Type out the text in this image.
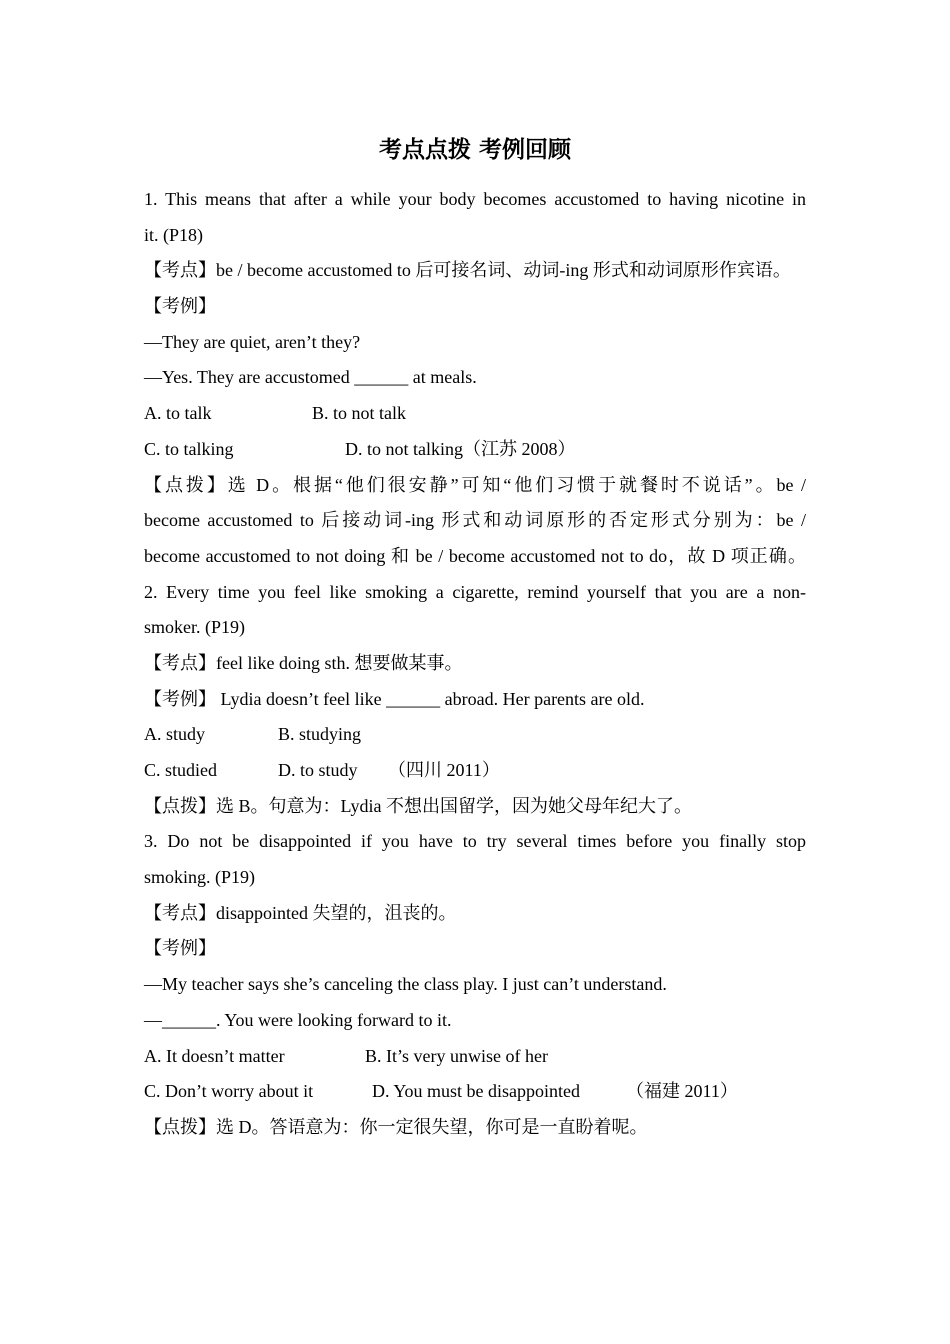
考点点拨 考例回顾
1. This means that after a while your body becomes accustomed to having nicotine in
it. (P18)
【考点】be / become accustomed to 后可接名词、动词-ing 形式和动词原形作宾语。
【考例】
—They are quiet, aren’t they?
—Yes. They are accustomed ______ at meals.
A. to talk	B. to not talk
C. to talking	D. to not talking（江苏 2008）
【点拨】选 D。根据“他们很安静”可知“他们习惯于就餐时不说话”。be /
become accustomed to 后接动词-ing 形式和动词原形的否定形式分别为：be /
become accustomed to not doing 和 be / become accustomed not to do，故 D 项正确。
2. Every time you feel like smoking a cigarette, remind yourself that you are a non-
smoker. (P19)
【考点】feel like doing sth. 想要做某事。
【考例】 Lydia doesn’t feel like ______ abroad. Her parents are old.
A. study	B. studying
C. studied	D. to study	（四川 2011）
【点拨】选 B。句意为：Lydia 不想出国留学，因为她父母年纪大了。
3. Do not be disappointed if you have to try several times before you finally stop
smoking. (P19)
【考点】disappointed 失望的，沮丧的。
【考例】
—My teacher says she’s canceling the class play. I just can’t understand.
—______. You were looking forward to it.
A. It doesn’t matter	B. It’s very unwise of her
C. Don’t worry about it	D. You must be disappointed	（福建 2011）
【点拨】选 D。答语意为：你一定很失望，你可是一直盼着呢。
